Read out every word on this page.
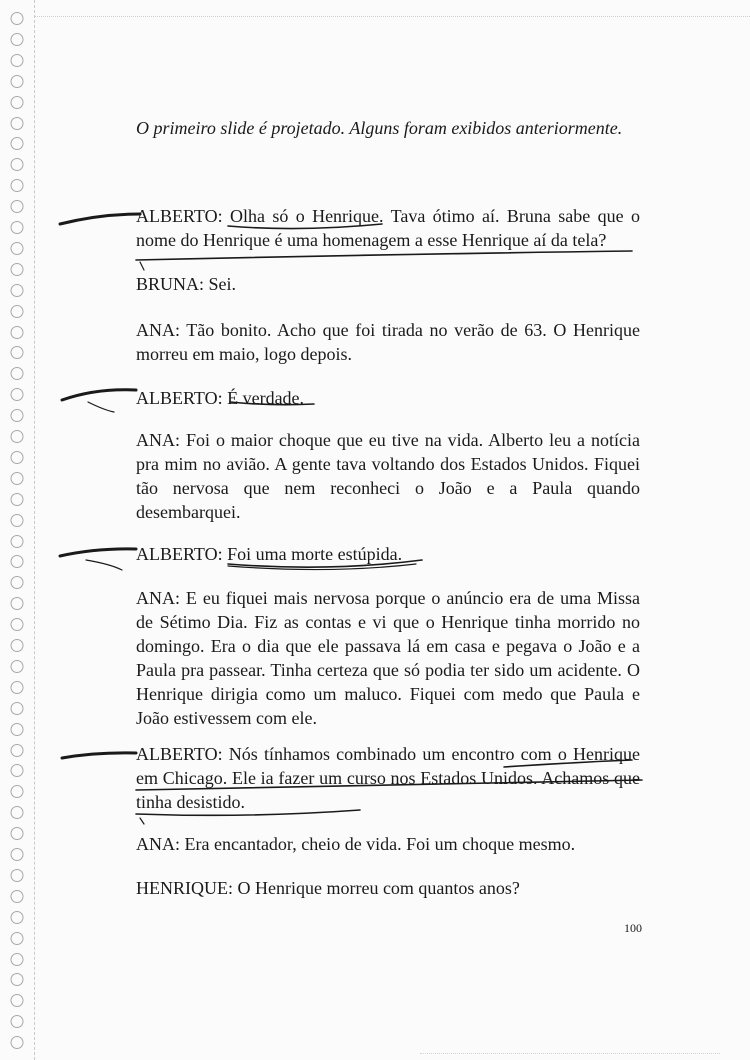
O primeiro slide é projetado. Alguns foram exibidos anteriormente.

ALBERTO: Olha só o Henrique. Tava ótimo aí. Bruna sabe que o nome do Henrique é uma homenagem a esse Henrique aí da tela?

BRUNA: Sei.

ANA: Tão bonito. Acho que foi tirada no verão de 63. O Henrique morreu em maio, logo depois.

ALBERTO: É verdade.

ANA: Foi o maior choque que eu tive na vida. Alberto leu a notícia pra mim no avião. A gente tava voltando dos Estados Unidos. Fiquei tão nervosa que nem reconheci o João e a Paula quando desembarquei.

ALBERTO: Foi uma morte estúpida.

ANA: E eu fiquei mais nervosa porque o anúncio era de uma Missa de Sétimo Dia. Fiz as contas e vi que o Henrique tinha morrido no domingo. Era o dia que ele passava lá em casa e pegava o João e a Paula pra passear. Tinha certeza que só podia ter sido um acidente. O Henrique dirigia como um maluco. Fiquei com medo que Paula e João estivessem com ele.

ALBERTO: Nós tínhamos combinado um encontro com o Henrique em Chicago. Ele ia fazer um curso nos Estados Unidos. Achamos que tinha desistido.

ANA: Era encantador, cheio de vida. Foi um choque mesmo.

HENRIQUE: O Henrique morreu com quantos anos?

100
